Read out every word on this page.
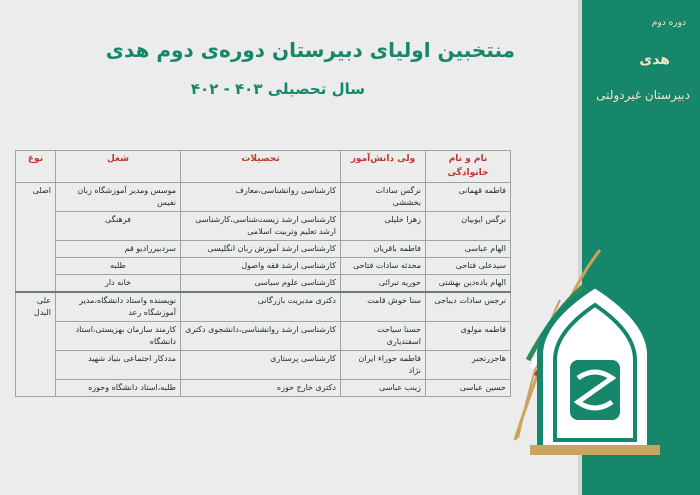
دوره دوم
هدی
دبیرستان غیردولتی
منتخبین اولیای دبیرستان دوره‌ی دوم هدی
سال تحصیلی ۴۰۳ - ۴۰۲
نام و نام خانوادگی	ولی دانش‌آموز	تحصیلات	شغل	نوع
فاطمه قهمانی	نرگس سادات بخششی	کارشناسی روانشناسی،معارف	موسس ومدیر آموزشگاه زبان نفیس	اصلی
نرگس ایوبیان	زهرا خلیلی	کارشناسی ارشد زیست‌شناسی،کارشناسی ارشد تعلیم وتربیت اسلامی	فرهنگی	
الهام عباسی	فاطمه باقریان	کارشناسی ارشد آموزش زبان انگلیسی	سردبیررادیو قم	
سیدعلی فتاحی	محدثه سادات فتاحی	کارشناسی ارشد فقه واصول	طلبه	
الهام باده‌دین بهشتی	حوریه تبرائی	کارشناسی علوم سیاسی	خانه دار	
نرجس سادات دیباجی	سنا خوش قامت	دکتری مدیریت بازرگانی	نویسنده واستاد دانشگاه،مدیر آموزشگاه رعد	علی البدل
فاطمه مولوی	حسنا سیاحت اسفندیاری	کارشناسی ارشد روانشناسی،دانشجوی دکتری	کارمند سازمان بهزیستی،استاد دانشگاه	
هاجررنجبر	فاطمه حوراء ایران نژاد	کارشناسی پرستاری	مددکار اجتماعی بنیاد شهید	
حسین عباسی	زینب عباسی	دکتری خارج حوزه	طلبه،استاد دانشگاه وحوزه	
